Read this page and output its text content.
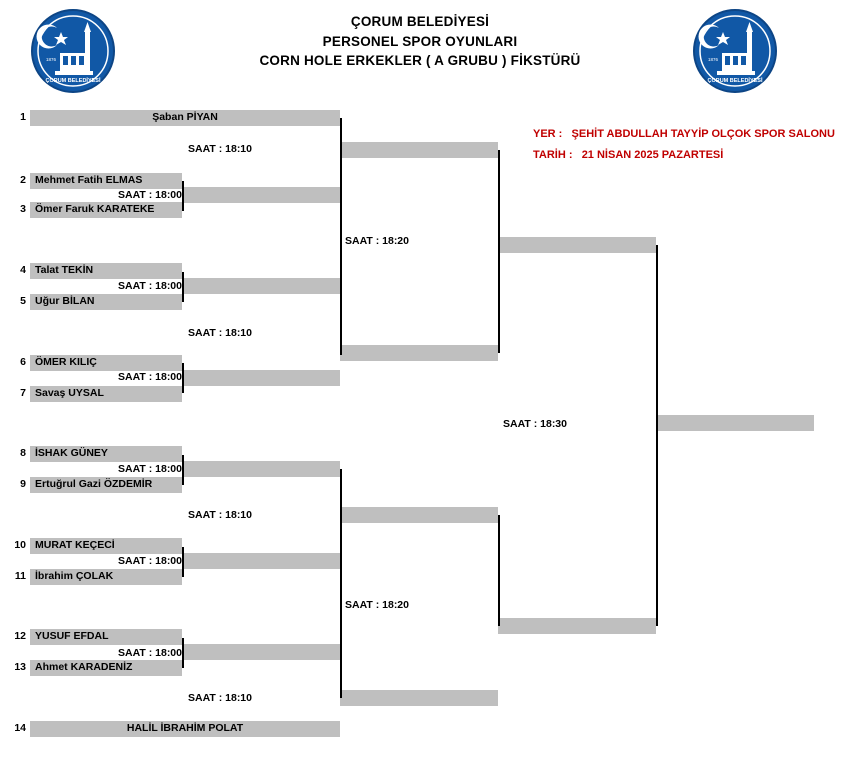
ÇORUM BELEDİYESİ
1876
ÇORUM BELEDİYESİ
1876
ÇORUM BELEDİYESİ
PERSONEL SPOR OYUNLARI
CORN HOLE ERKEKLER ( A GRUBU ) FİKSTÜRÜ
YER : ŞEHİT ABDULLAH TAYYİP OLÇOK SPOR SALONU
TARİH : 21 NİSAN 2025 PAZARTESİ
Şaban PİYAN
1
Mehmet Fatih ELMAS
2
Ömer Faruk KARATEKE
3
Talat TEKİN
4
Uğur BİLAN
5
ÖMER KILIÇ
6
Savaş UYSAL
7
İSHAK GÜNEY
8
Ertuğrul Gazi ÖZDEMİR
9
MURAT KEÇECİ
10
İbrahim ÇOLAK
11
YUSUF EFDAL
12
Ahmet KARADENİZ
13
HALİL İBRAHİM POLAT
14
SAAT : 18:10
SAAT : 18:00
SAAT : 18:00
SAAT : 18:10
SAAT : 18:00
SAAT : 18:20
SAAT : 18:00
SAAT : 18:10
SAAT : 18:00
SAAT : 18:00
SAAT : 18:20
SAAT : 18:10
SAAT : 18:30
